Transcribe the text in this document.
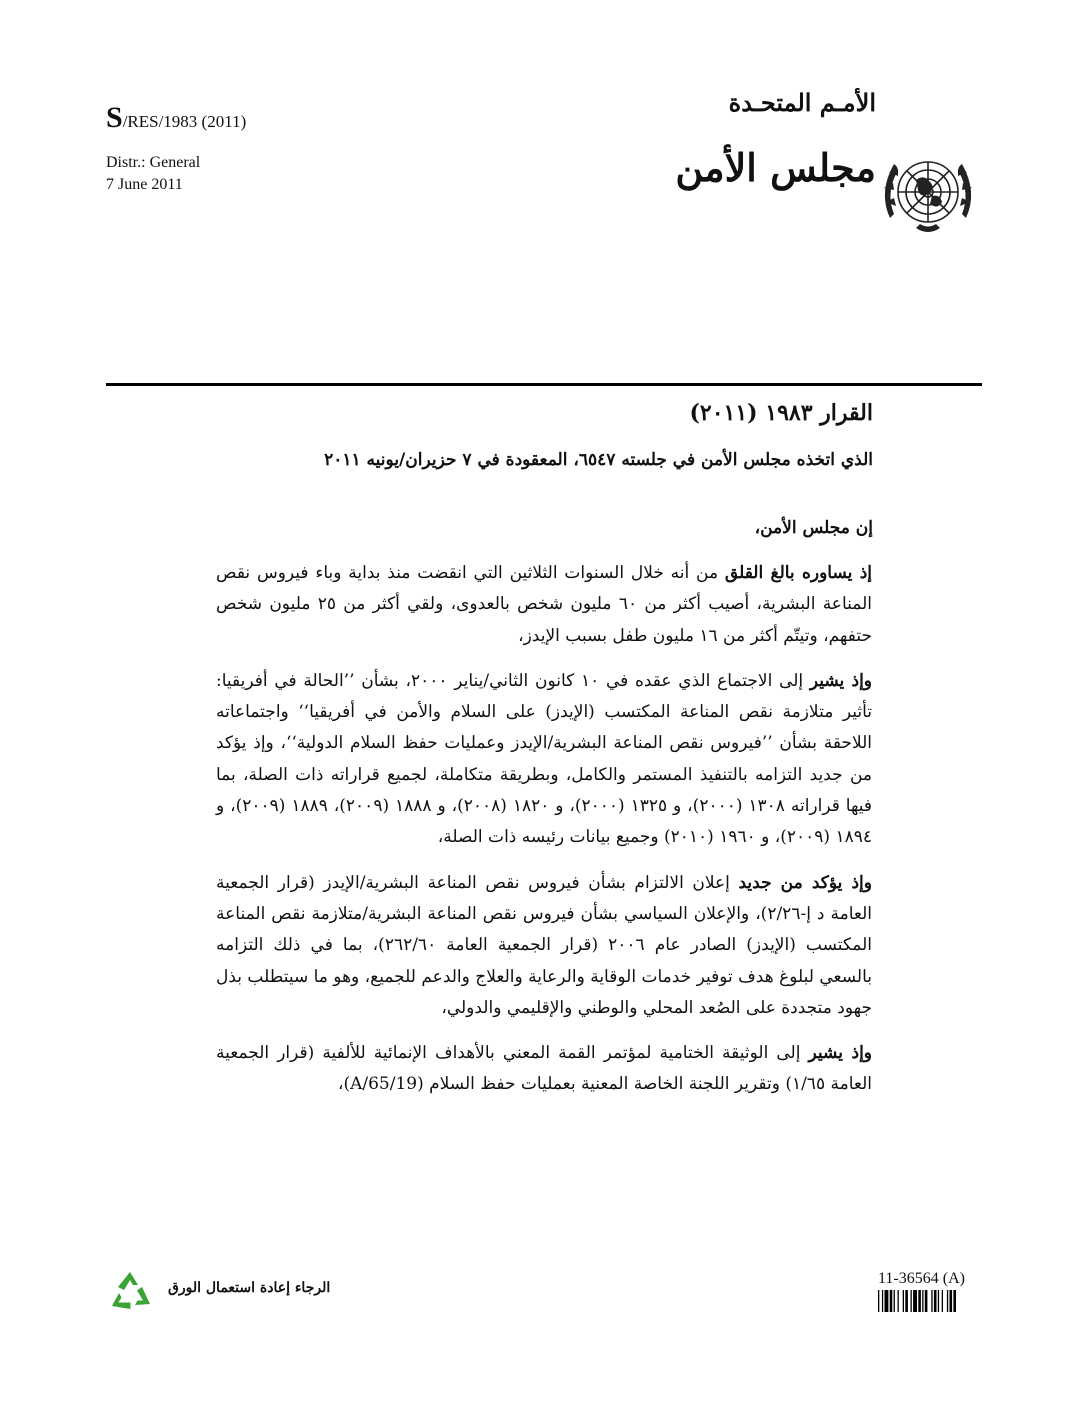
S/RES/1983 (2011)
Distr.: General
7 June 2011
الأمـم المتحـدة
مجلس الأمن
القرار ١٩٨٣ (٢٠١١)
الذي اتخذه مجلس الأمن في جلسته ٦٥٤٧، المعقودة في ٧ حزيران/يونيه ٢٠١١
إن مجلس الأمن،

إذ يساوره بالغ القلق من أنه خلال السنوات الثلاثين التي انقضت منذ بداية وباء فيروس نقص المناعة البشرية، أصيب أكثر من ٦٠ مليون شخص بالعدوى، ولقي أكثر من ٢٥ مليون شخص حتفهم، وتيتّم أكثر من ١٦ مليون طفل بسبب الإيدز،

وإذ يشير إلى الاجتماع الذي عقده في ١٠ كانون الثاني/يناير ٢٠٠٠، بشأن ’’الحالة في أفريقيا: تأثير متلازمة نقص المناعة المكتسب (الإيدز) على السلام والأمن في أفريقيا‘‘ واجتماعاته اللاحقة بشأن ’’فيروس نقص المناعة البشرية/الإيدز وعمليات حفظ السلام الدولية‘‘، وإذ يؤكد من جديد التزامه بالتنفيذ المستمر والكامل، وبطريقة متكاملة، لجميع قراراته ذات الصلة، بما فيها قراراته ١٣٠٨ (٢٠٠٠)، و ١٣٢٥ (٢٠٠٠)، و ١٨٢٠ (٢٠٠٨)، و ١٨٨٨ (٢٠٠٩)، ١٨٨٩ (٢٠٠٩)، و ١٨٩٤ (٢٠٠٩)، و ١٩٦٠ (٢٠١٠) وجميع بيانات رئيسه ذات الصلة،

وإذ يؤكد من جديد إعلان الالتزام بشأن فيروس نقص المناعة البشرية/الإيدز (قرار الجمعية العامة د إ-٢/٢٦)، والإعلان السياسي بشأن فيروس نقص المناعة البشرية/متلازمة نقص المناعة المكتسب (الإيدز) الصادر عام ٢٠٠٦ (قرار الجمعية العامة ٢٦٢/٦٠)، بما في ذلك التزامه بالسعي لبلوغ هدف توفير خدمات الوقاية والرعاية والعلاج والدعم للجميع، وهو ما سيتطلب بذل جهود متجددة على الصُعد المحلي والوطني والإقليمي والدولي،

وإذ يشير إلى الوثيقة الختامية لمؤتمر القمة المعني بالأهداف الإنمائية للألفية (قرار الجمعية العامة ١/٦٥) وتقرير اللجنة الخاصة المعنية بعمليات حفظ السلام (A/65/19)،

الرجاء إعادة استعمال الورق
11-36564 (A)
